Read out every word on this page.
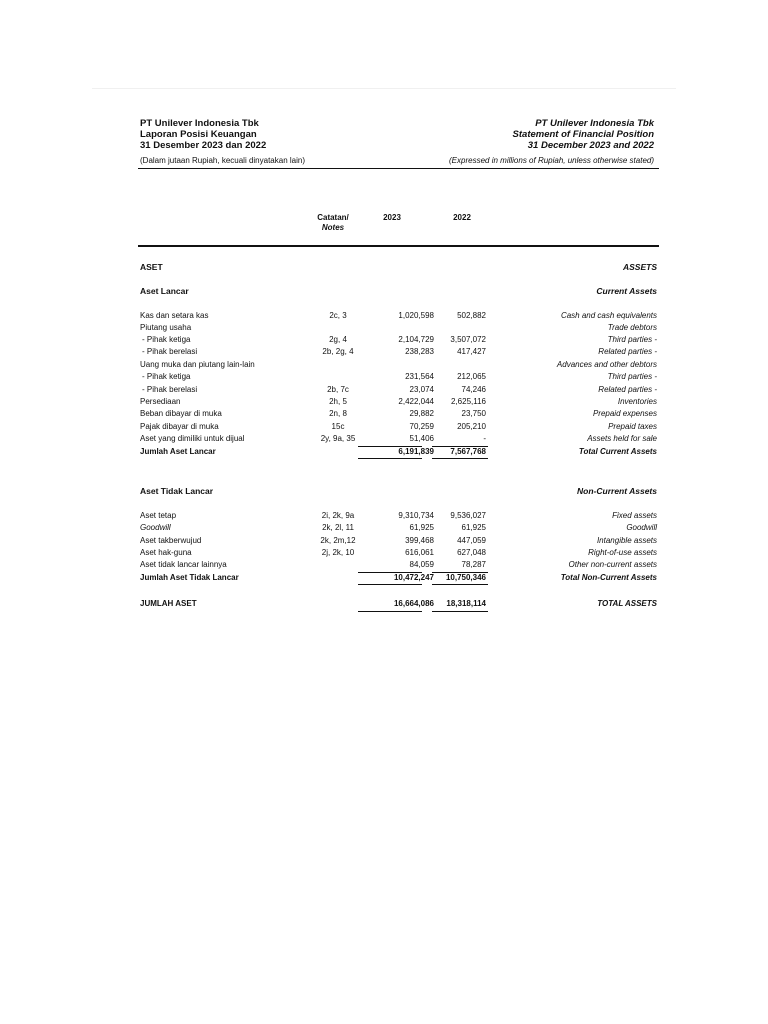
PT Unilever Indonesia Tbk
Laporan Posisi Keuangan
31 Desember 2023 dan 2022
(Dalam jutaan Rupiah, kecuali dinyatakan lain)
PT Unilever Indonesia Tbk
Statement of Financial Position
31 December 2023 and 2022
(Expressed in millions of Rupiah, unless otherwise stated)
Catatan/
Notes
2023	2022
ASET	ASSETS
Aset Lancar	Current Assets
Kas dan setara kas	2c, 3	1,020,598	502,882	Cash and cash equivalents
Piutang usaha	Trade debtors
- Pihak ketiga	2g, 4	2,104,729	3,507,072	Third parties -
- Pihak berelasi	2b, 2g, 4	238,283	417,427	Related parties -
Uang muka dan piutang lain-lain	Advances and other debtors
- Pihak ketiga	231,564	212,065	Third parties -
- Pihak berelasi	2b, 7c	23,074	74,246	Related parties -
Persediaan	2h, 5	2,422,044	2,625,116	Inventories
Beban dibayar di muka	2n, 8	29,882	23,750	Prepaid expenses
Pajak dibayar di muka	15c	70,259	205,210	Prepaid taxes
Aset yang dimiliki untuk dijual	2y, 9a, 35	51,406	-	Assets held for sale
Jumlah Aset Lancar	6,191,839	7,567,768	Total Current Assets
Aset Tidak Lancar	Non-Current Assets
Aset tetap	2i, 2k, 9a	9,310,734	9,536,027	Fixed assets
Goodwill	2k, 2l, 11	61,925	61,925	Goodwill
Aset takberwujud	2k, 2m,12	399,468	447,059	Intangible assets
Aset hak-guna	2j, 2k, 10	616,061	627,048	Right-of-use assets
Aset tidak lancar lainnya	84,059	78,287	Other non-current assets
Jumlah Aset Tidak Lancar	10,472,247	10,750,346	Total Non-Current Assets
JUMLAH ASET	16,664,086	18,318,114	TOTAL ASSETS
